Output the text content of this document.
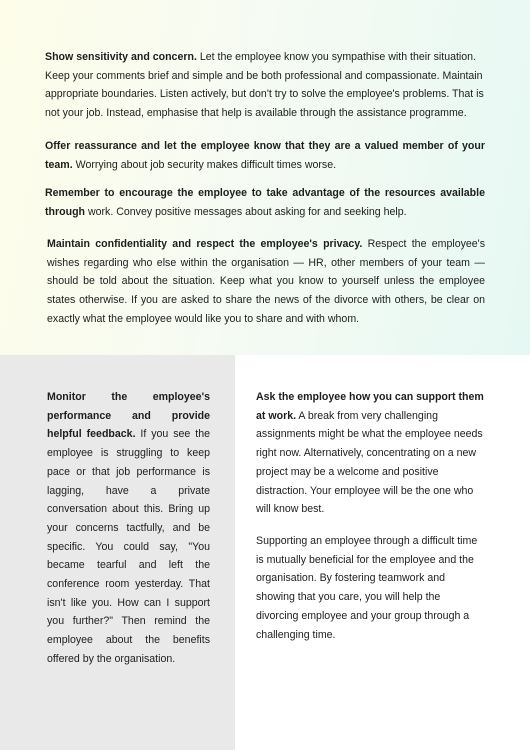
Show sensitivity and concern. Let the employee know you sympathise with their situation. Keep your comments brief and simple and be both professional and compassionate. Maintain appropriate boundaries. Listen actively, but don't try to solve the employee's problems. That is not your job. Instead, emphasise that help is available through the assistance programme.

Offer reassurance and let the employee know that they are a valued member of your team. Worrying about job security makes difficult times worse.

Remember to encourage the employee to take advantage of the resources available through work. Convey positive messages about asking for and seeking help.

Maintain confidentiality and respect the employee's privacy. Respect the employee's wishes regarding who else within the organisation — HR, other members of your team — should be told about the situation. Keep what you know to yourself unless the employee states otherwise. If you are asked to share the news of the divorce with others, be clear on exactly what the employee would like you to share and with whom.

Monitor the employee's performance and provide helpful feedback. If you see the employee is struggling to keep pace or that job performance is lagging, have a private conversation about this. Bring up your concerns tactfully, and be specific. You could say, "You became tearful and left the conference room yesterday. That isn't like you. How can I support you further?" Then remind the employee about the benefits offered by the organisation.

Ask the employee how you can support them at work. A break from very challenging assignments might be what the employee needs right now. Alternatively, concentrating on a new project may be a welcome and positive distraction. Your employee will be the one who will know best.

Supporting an employee through a difficult time is mutually beneficial for the employee and the organisation. By fostering teamwork and showing that you care, you will help the divorcing employee and your group through a challenging time.
